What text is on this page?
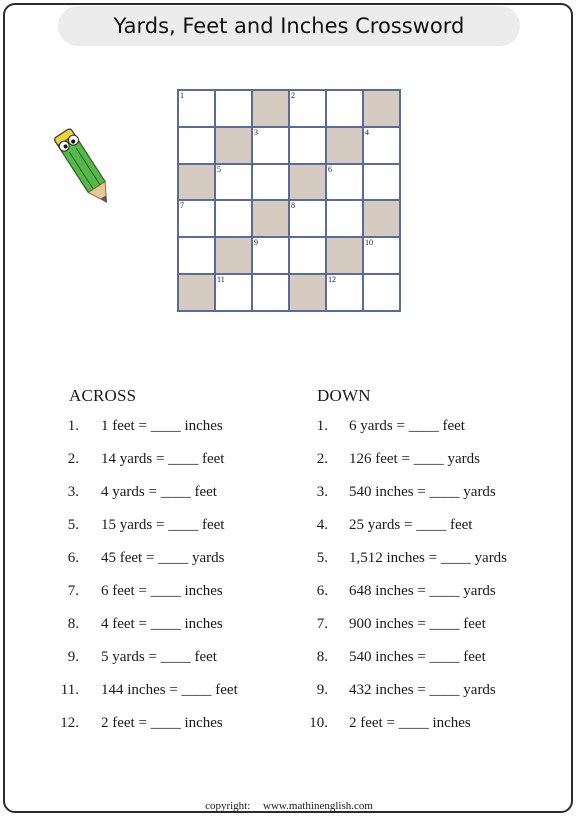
Yards, Feet and Inches Crossword
1	2
3	4
5	6
7	8
9	10
11	12
ACROSS	DOWN
1. 1 feet = ____ inches
2. 14 yards = ____ feet
3. 4 yards = ____ feet
5. 15 yards = ____ feet
6. 45 feet = ____ yards
7. 6 feet = ____ inches
8. 4 feet = ____ inches
9. 5 yards = ____ feet
11. 144 inches = ____ feet
12. 2 feet = ____ inches
1. 6 yards = ____ feet
2. 126 feet = ____ yards
3. 540 inches = ____ yards
4. 25 yards = ____ feet
5. 1,512 inches = ____ yards
6. 648 inches = ____ yards
7. 900 inches = ____ feet
8. 540 inches = ____ feet
9. 432 inches = ____ yards
10. 2 feet = ____ inches
copyright: www.mathinenglish.com
